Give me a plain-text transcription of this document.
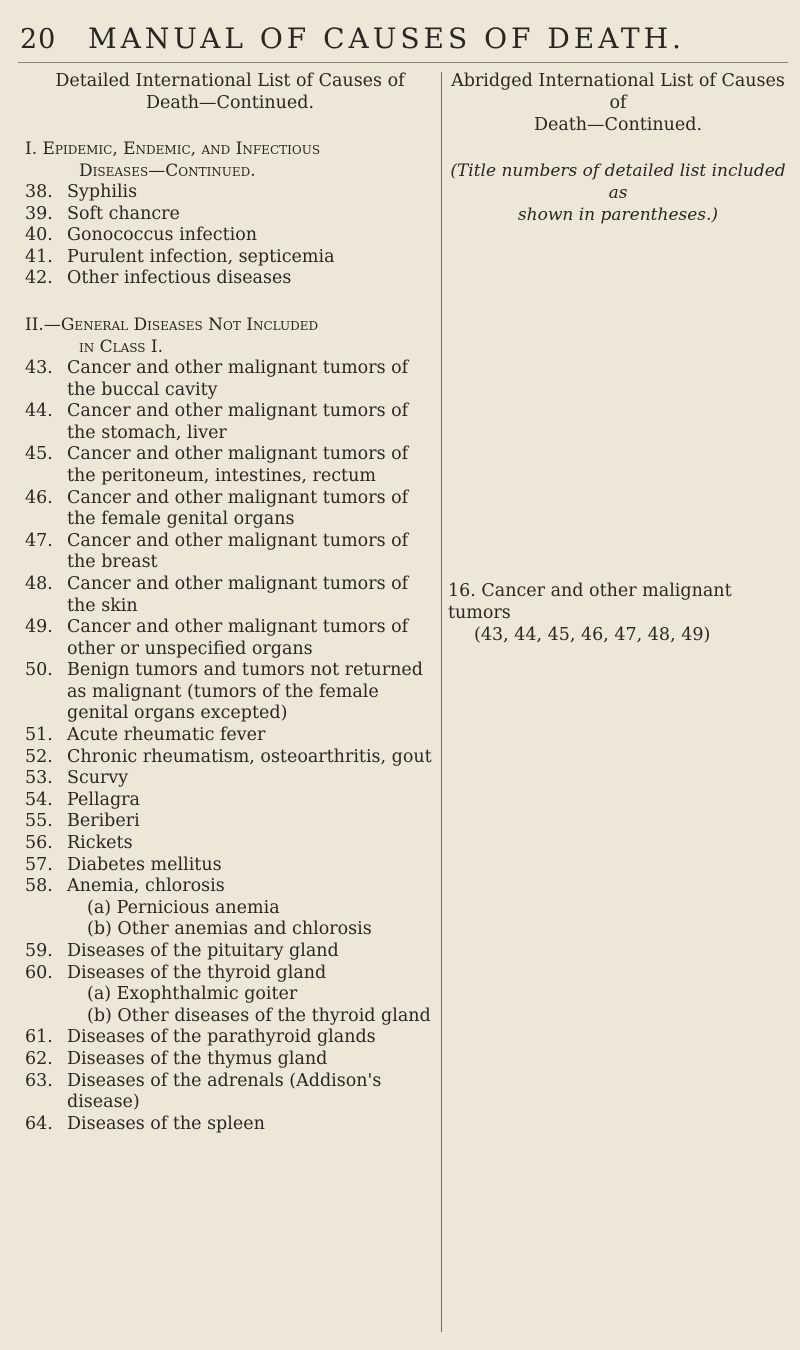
20 MANUAL OF CAUSES OF DEATH.
Detailed International List of Causes of
Death—Continued.
I. Epidemic, Endemic, and Infectious
Diseases—Continued.
38. Syphilis
39. Soft chancre
40. Gonococcus infection
41. Purulent infection, septicemia
42. Other infectious diseases
II.—General Diseases Not Included
in Class I.
43. Cancer and other malignant tumors of the buccal cavity
44. Cancer and other malignant tumors of the stomach, liver
45. Cancer and other malignant tumors of the peritoneum, intestines, rectum
46. Cancer and other malignant tumors of the female genital organs
47. Cancer and other malignant tumors of the breast
48. Cancer and other malignant tumors of the skin
49. Cancer and other malignant tumors of other or unspecified organs
50. Benign tumors and tumors not returned as malignant (tumors of the female genital organs excepted)
51. Acute rheumatic fever
52. Chronic rheumatism, osteoarthritis, gout
53. Scurvy
54. Pellagra
55. Beriberi
56. Rickets
57. Diabetes mellitus
58. Anemia, chlorosis
(a) Pernicious anemia
(b) Other anemias and chlorosis
59. Diseases of the pituitary gland
60. Diseases of the thyroid gland
(a) Exophthalmic goiter
(b) Other diseases of the thyroid gland
61. Diseases of the parathyroid glands
62. Diseases of the thymus gland
63. Diseases of the adrenals (Addison's disease)
64. Diseases of the spleen
Abridged International List of Causes of
Death—Continued.
(Title numbers of detailed list included as
shown in parentheses.)
16. Cancer and other malignant tumors
(43, 44, 45, 46, 47, 48, 49)
